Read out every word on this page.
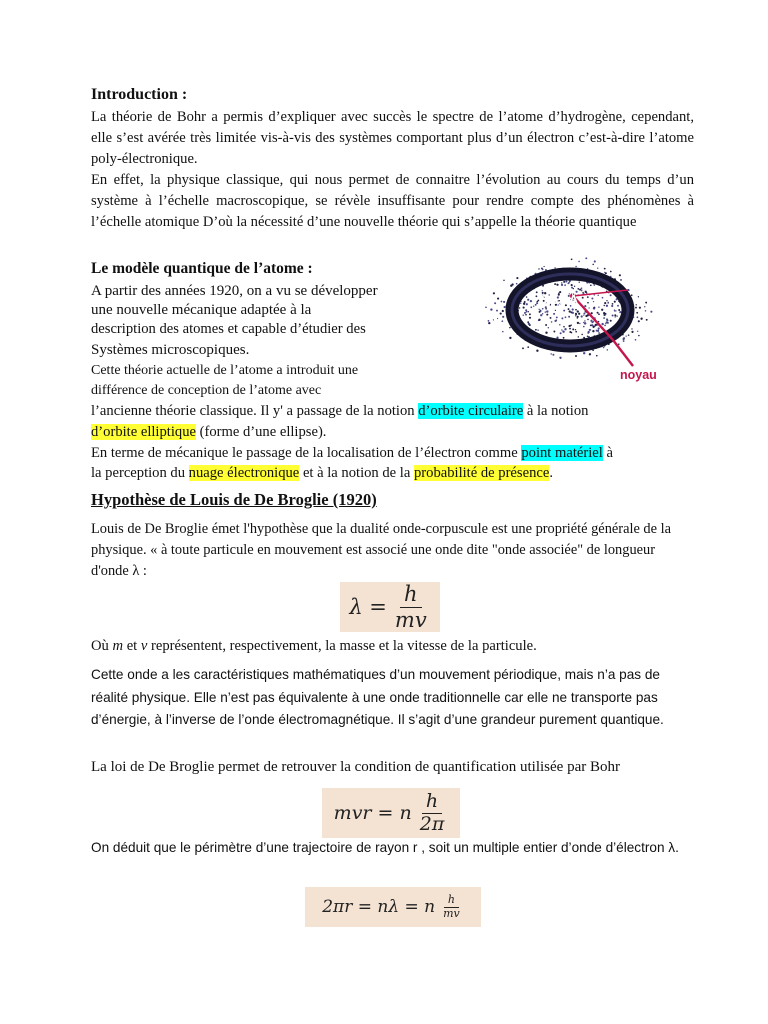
Introduction :
La théorie de Bohr a permis d’expliquer avec succès le spectre de l’atome d’hydrogène, cependant, elle s’est avérée très limitée vis-à-vis des systèmes comportant plus d’un électron c’est-à-dire l’atome poly-électronique.
En effet, la physique classique, qui nous permet de connaitre l’évolution au cours du temps d’un système à l’échelle macroscopique, se révèle insuffisante pour rendre compte des phénomènes à l’échelle atomique D’où la nécessité d’une nouvelle théorie qui s’appelle la théorie quantique
Le modèle quantique de l’atome :
A partir des années 1920, on a vu se développer
une nouvelle mécanique adaptée à la
description des atomes et capable d’étudier des
Systèmes microscopiques.
Cette théorie actuelle de l’atome a introduit une
différence de conception de l’atome avec
l’ancienne théorie classique. Il y' a passage de la notion d’orbite circulaire à la notion
d’orbite elliptique (forme d’une ellipse).
En terme de mécanique le passage de la localisation de l’électron comme point matériel à
la perception du nuage électronique et à la notion de la probabilité de présence.
0,53 Å
noyau
Hypothèse de Louis de De Broglie (1920)
Louis de De Broglie émet l'hypothèse que la dualité onde-corpuscule est une propriété générale de la physique. « à toute particule en mouvement est associé une onde dite "onde associée" de longueur d'onde λ :
$\lambda = \frac{h}{mv}$
Où m et v représentent, respectivement, la masse et la vitesse de la particule.
Cette onde a les caractéristiques mathématiques d’un mouvement périodique, mais n’a pas de réalité physique. Elle n’est pas équivalente à une onde traditionnelle car elle ne transporte pas d’énergie, à l’inverse de l’onde électromagnétique. Il s’agit d’une grandeur purement quantique.
La loi de De Broglie permet de retrouver la condition de quantification utilisée par Bohr
mvr = n $\frac{h}{2\pi}$
On déduit que le périmètre d’une trajectoire de rayon r , soit un multiple entier d’onde d’électron λ.
2πr = nλ = n $\frac{h}{mv}$
